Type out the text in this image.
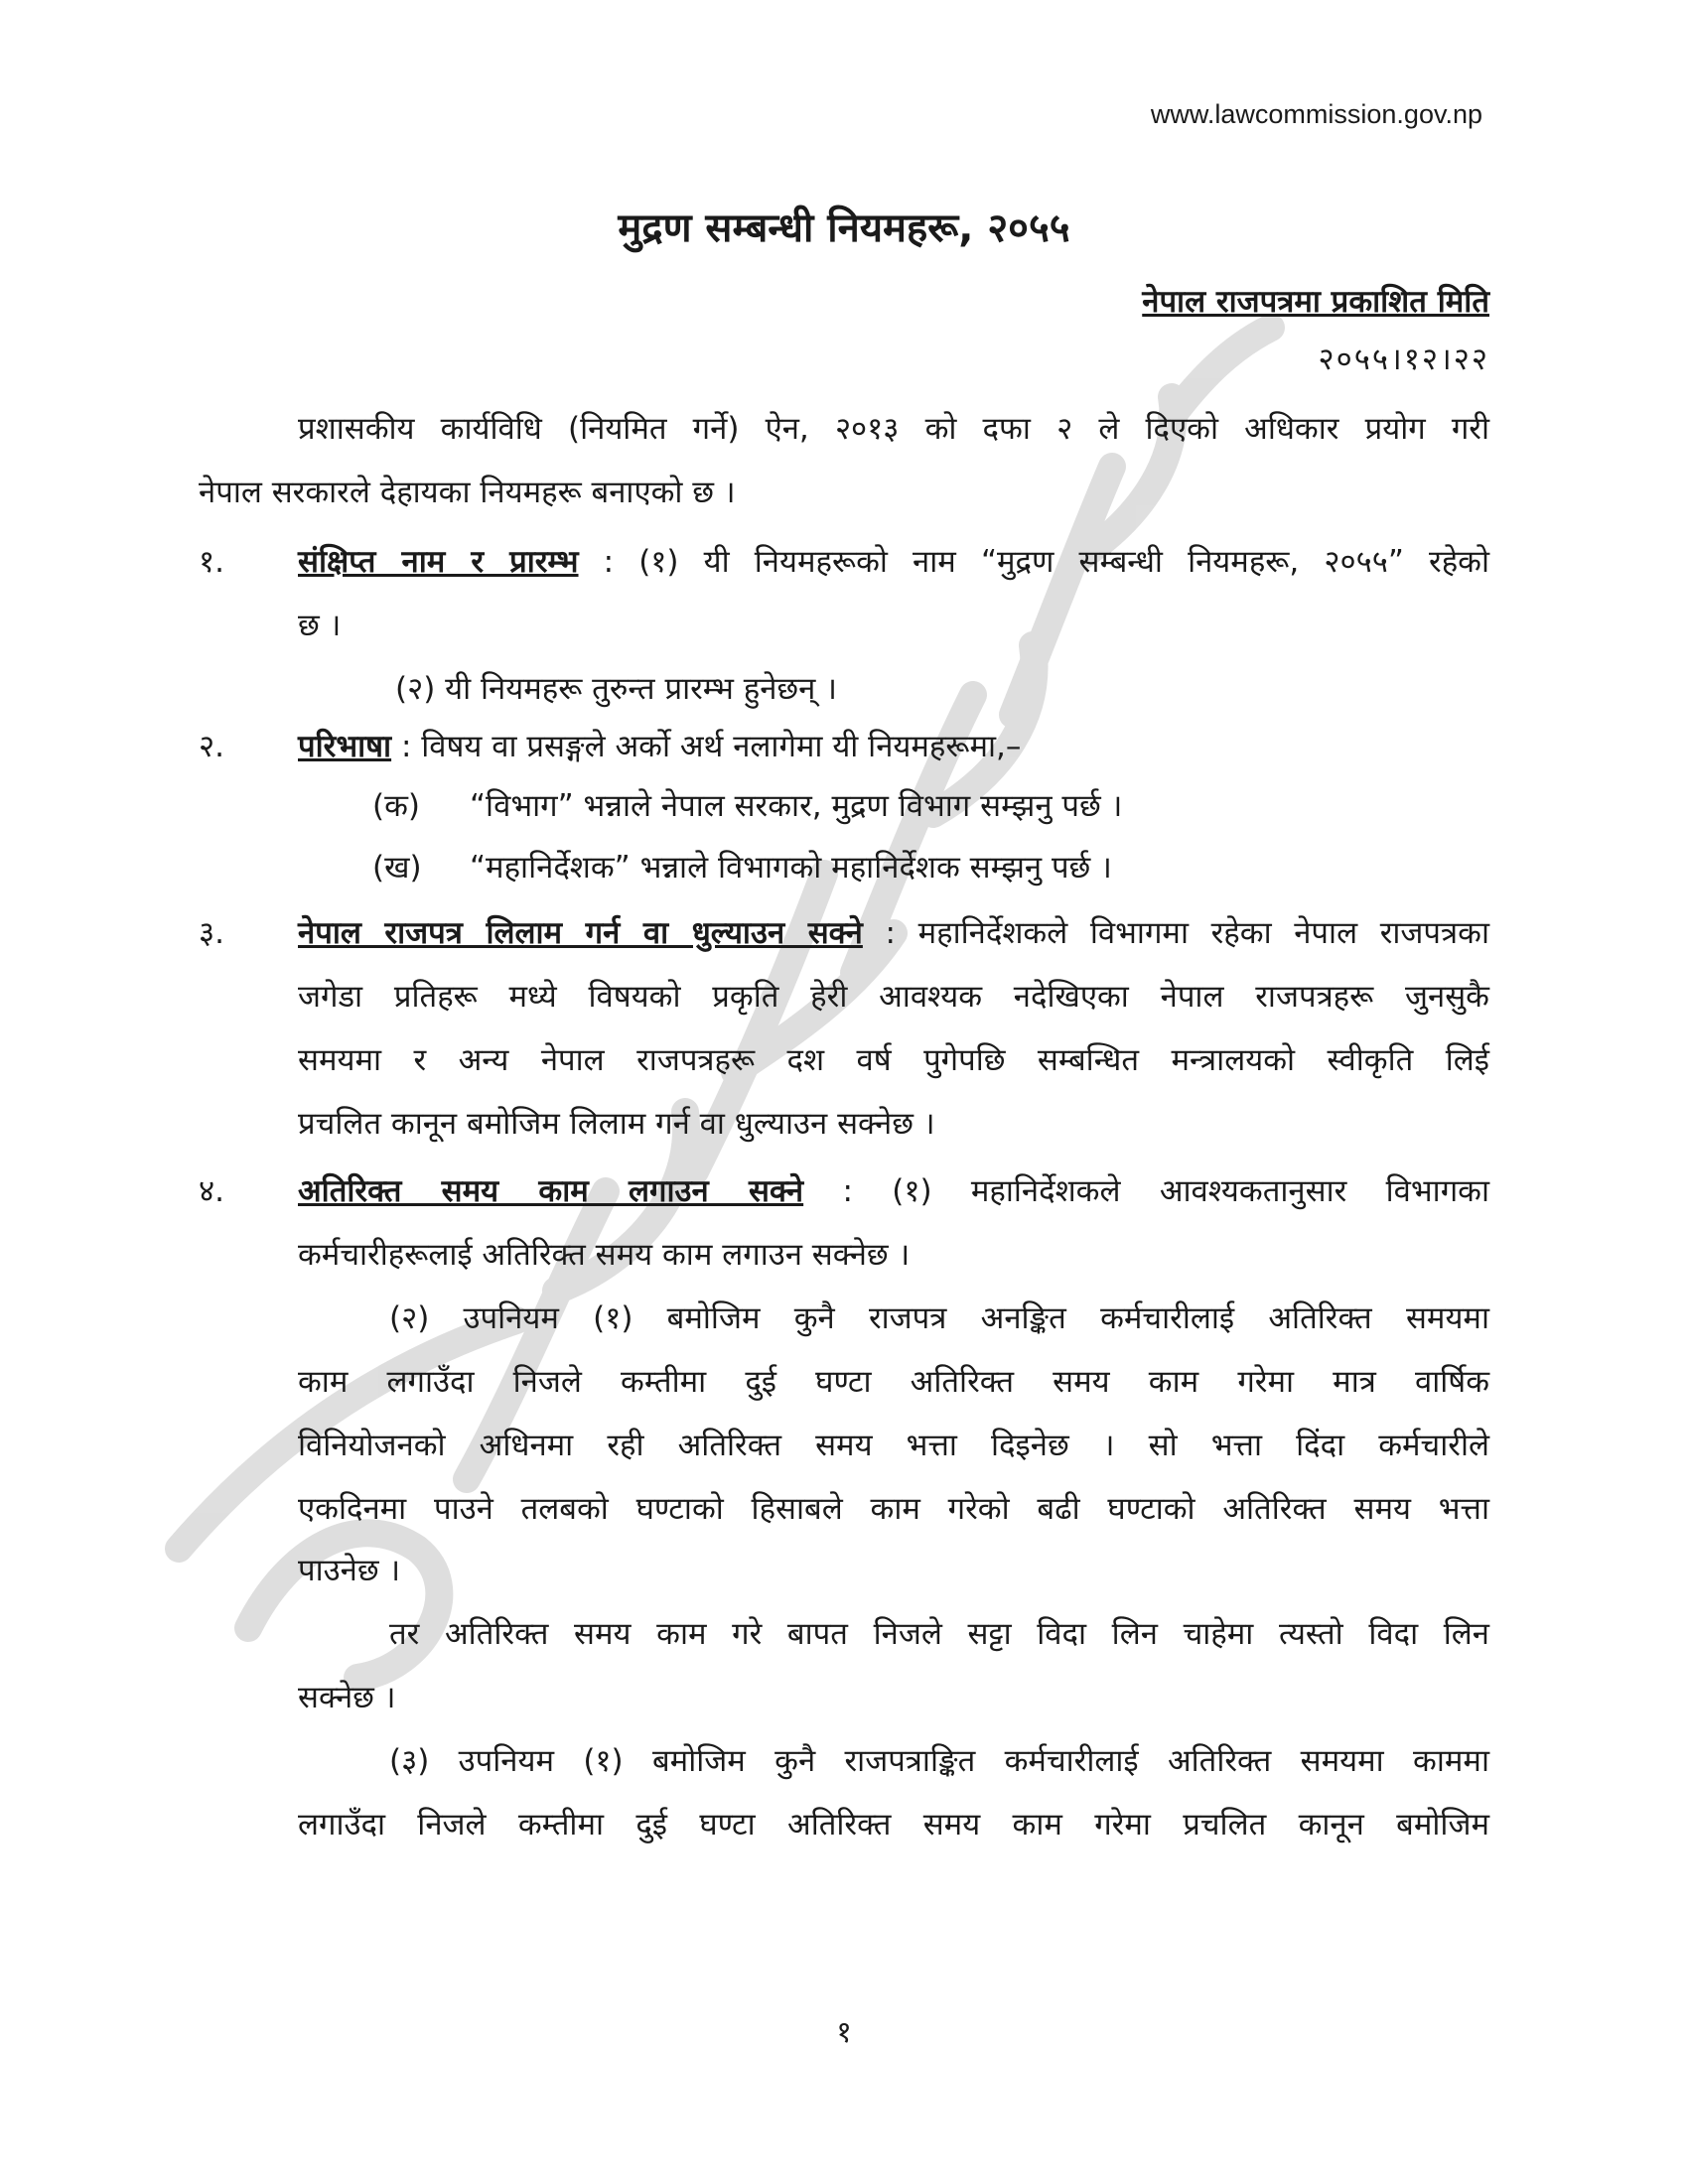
www.lawcommission.gov.np
मुद्रण सम्बन्धी नियमहरू, २०५५
नेपाल राजपत्रमा प्रकाशित मिति
२०५५।१२।२२
प्रशासकीय कार्यविधि (नियमित गर्ने) ऐन, २०१३ को दफा २ ले दिएको अधिकार प्रयोग गरी
नेपाल सरकारले देहायका नियमहरू बनाएको छ ।
१. संक्षिप्त नाम र प्रारम्भ : (१) यी नियमहरूको नाम “मुद्रण सम्बन्धी नियमहरू, २०५५” रहेको
छ ।
(२) यी नियमहरू तुरुन्त प्रारम्भ हुनेछन् ।
२. परिभाषा : विषय वा प्रसङ्गले अर्को अर्थ नलागेमा यी नियमहरूमा,–
(क) “विभाग” भन्नाले नेपाल सरकार, मुद्रण विभाग सम्झनु पर्छ ।
(ख) “महानिर्देशक” भन्नाले विभागको महानिर्देशक सम्झनु पर्छ ।
३. नेपाल राजपत्र लिलाम गर्न वा धुल्याउन सक्ने : महानिर्देशकले विभागमा रहेका नेपाल राजपत्रका
जगेडा प्रतिहरू मध्ये विषयको प्रकृति हेरी आवश्यक नदेखिएका नेपाल राजपत्रहरू जुनसुकै
समयमा र अन्य नेपाल राजपत्रहरू दश वर्ष पुगेपछि सम्बन्धित मन्त्रालयको स्वीकृति लिई
प्रचलित कानून बमोजिम लिलाम गर्न वा धुल्याउन सक्नेछ ।
४. अतिरिक्त समय काम लगाउन सक्ने : (१) महानिर्देशकले आवश्यकतानुसार विभागका
कर्मचारीहरूलाई अतिरिक्त समय काम लगाउन सक्नेछ ।
(२) उपनियम (१) बमोजिम कुनै राजपत्र अनङ्कित कर्मचारीलाई अतिरिक्त समयमा
काम लगाउँदा निजले कम्तीमा दुई घण्टा अतिरिक्त समय काम गरेमा मात्र वार्षिक
विनियोजनको अधिनमा रही अतिरिक्त समय भत्ता दिइनेछ । सो भत्ता दिंदा कर्मचारीले
एकदिनमा पाउने तलबको घण्टाको हिसाबले काम गरेको बढी घण्टाको अतिरिक्त समय भत्ता
पाउनेछ ।
तर अतिरिक्त समय काम गरे बापत निजले सट्टा विदा लिन चाहेमा त्यस्तो विदा लिन
सक्नेछ ।
(३) उपनियम (१) बमोजिम कुनै राजपत्राङ्कित कर्मचारीलाई अतिरिक्त समयमा काममा
लगाउँदा निजले कम्तीमा दुई घण्टा अतिरिक्त समय काम गरेमा प्रचलित कानून बमोजिम
१
